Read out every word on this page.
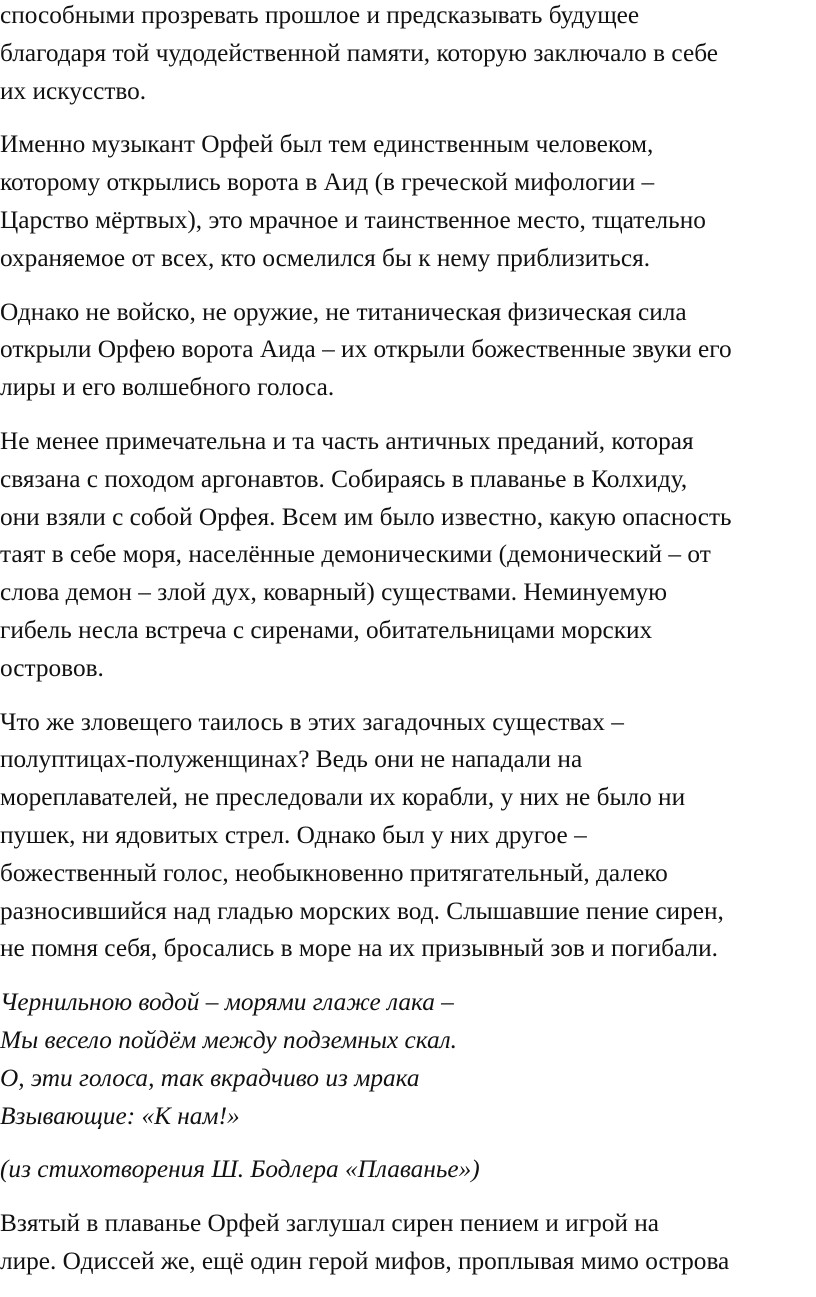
способными прозревать прошлое и предсказывать будущее
благодаря той чудодейственной памяти, которую заключало в себе
их искусство.

Именно музыкант Орфей был тем единственным человеком,
которому открылись ворота в Аид (в греческой мифологии –
Царство мёртвых), это мрачное и таинственное место, тщательно
охраняемое от всех, кто осмелился бы к нему приблизиться.

Однако не войско, не оружие, не титаническая физическая сила
открыли Орфею ворота Аида – их открыли божественные звуки его
лиры и его волшебного голоса.

Не менее примечательна и та часть античных преданий, которая
связана с походом аргонавтов. Собираясь в плаванье в Колхиду,
они взяли с собой Орфея. Всем им было известно, какую опасность
таят в себе моря, населённые демоническими (демонический – от
слова демон – злой дух, коварный) существами. Неминуемую
гибель несла встреча с сиренами, обитательницами морских
островов.

Что же зловещего таилось в этих загадочных существах –
полуптицах-полуженщинах? Ведь они не нападали на
мореплавателей, не преследовали их корабли, у них не было ни
пушек, ни ядовитых стрел. Однако был у них другое –
божественный голос, необыкновенно притягательный, далеко
разносившийся над гладью морских вод. Слышавшие пение сирен,
не помня себя, бросались в море на их призывный зов и погибали.

Чернильною водой – морями глаже лака –
Мы весело пойдём между подземных скал.
О, эти голоса, так вкрадчиво из мрака
Взывающие: «К нам!»

(из стихотворения Ш. Бодлера «Плаванье»)

Взятый в плаванье Орфей заглушал сирен пением и игрой на
лире. Одиссей же, ещё один герой мифов, проплывая мимо острова
